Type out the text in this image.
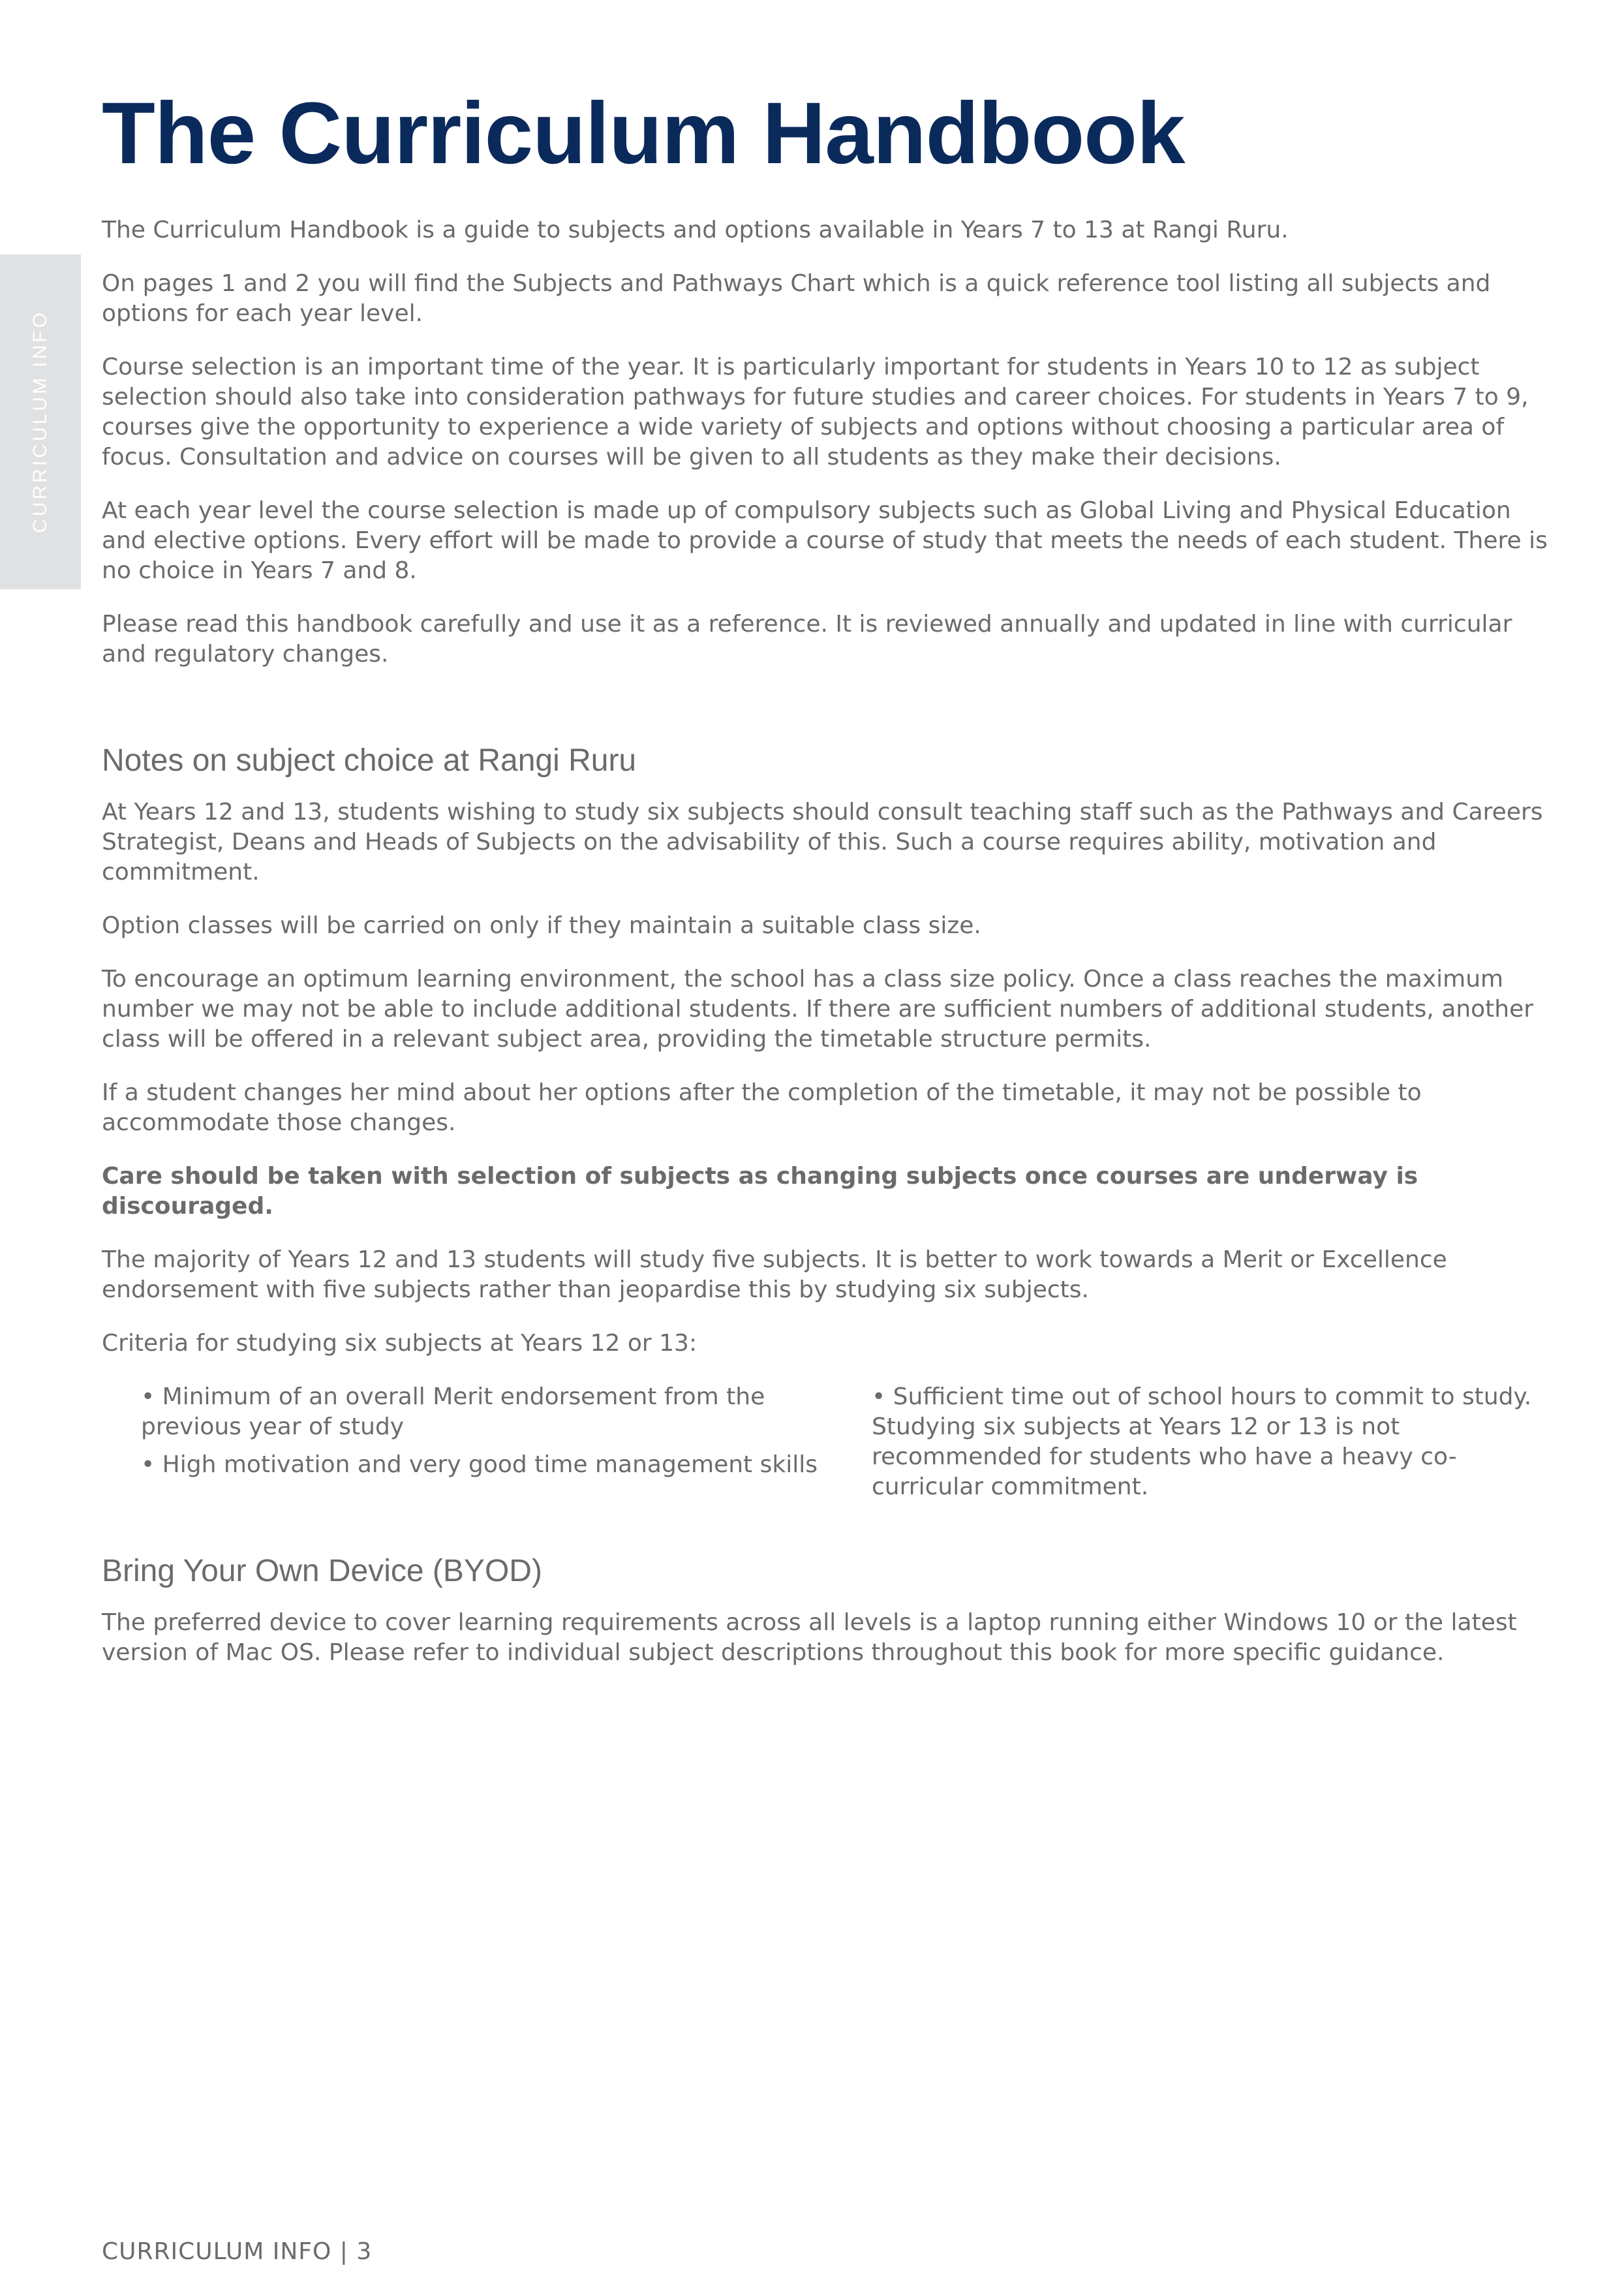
CURRICULUM INFO
The Curriculum Handbook

The Curriculum Handbook is a guide to subjects and options available in Years 7 to 13 at Rangi Ruru.

On pages 1 and 2 you will find the Subjects and Pathways Chart which is a quick reference tool listing all subjects and options for each year level.

Course selection is an important time of the year. It is particularly important for students in Years 10 to 12 as subject selection should also take into consideration pathways for future studies and career choices. For students in Years 7 to 9, courses give the opportunity to experience a wide variety of subjects and options without choosing a particular area of focus. Consultation and advice on courses will be given to all students as they make their decisions.

At each year level the course selection is made up of compulsory subjects such as Global Living and Physical Education and elective options. Every effort will be made to provide a course of study that meets the needs of each student. There is no choice in Years 7 and 8.

Please read this handbook carefully and use it as a reference. It is reviewed annually and updated in line with curricular and regulatory changes.

Notes on subject choice at Rangi Ruru

At Years 12 and 13, students wishing to study six subjects should consult teaching staff such as the Pathways and Careers Strategist, Deans and Heads of Subjects on the advisability of this. Such a course requires ability, motivation and commitment.

Option classes will be carried on only if they maintain a suitable class size.

To encourage an optimum learning environment, the school has a class size policy. Once a class reaches the maximum number we may not be able to include additional students. If there are sufficient numbers of additional students, another class will be offered in a relevant subject area, providing the timetable structure permits.

If a student changes her mind about her options after the completion of the timetable, it may not be possible to accommodate those changes.

Care should be taken with selection of subjects as changing subjects once courses are underway is discouraged.

The majority of Years 12 and 13 students will study five subjects. It is better to work towards a Merit or Excellence endorsement with five subjects rather than jeopardise this by studying six subjects.

Criteria for studying six subjects at Years 12 or 13:

• Minimum of an overall Merit endorsement from the previous year of study
• High motivation and very good time management skills
• Sufficient time out of school hours to commit to study. Studying six subjects at Years 12 or 13 is not recommended for students who have a heavy co-curricular commitment.
Bring Your Own Device (BYOD)

The preferred device to cover learning requirements across all levels is a laptop running either Windows 10 or the latest version of Mac OS. Please refer to individual subject descriptions throughout this book for more specific guidance.

CURRICULUM INFO | 3
